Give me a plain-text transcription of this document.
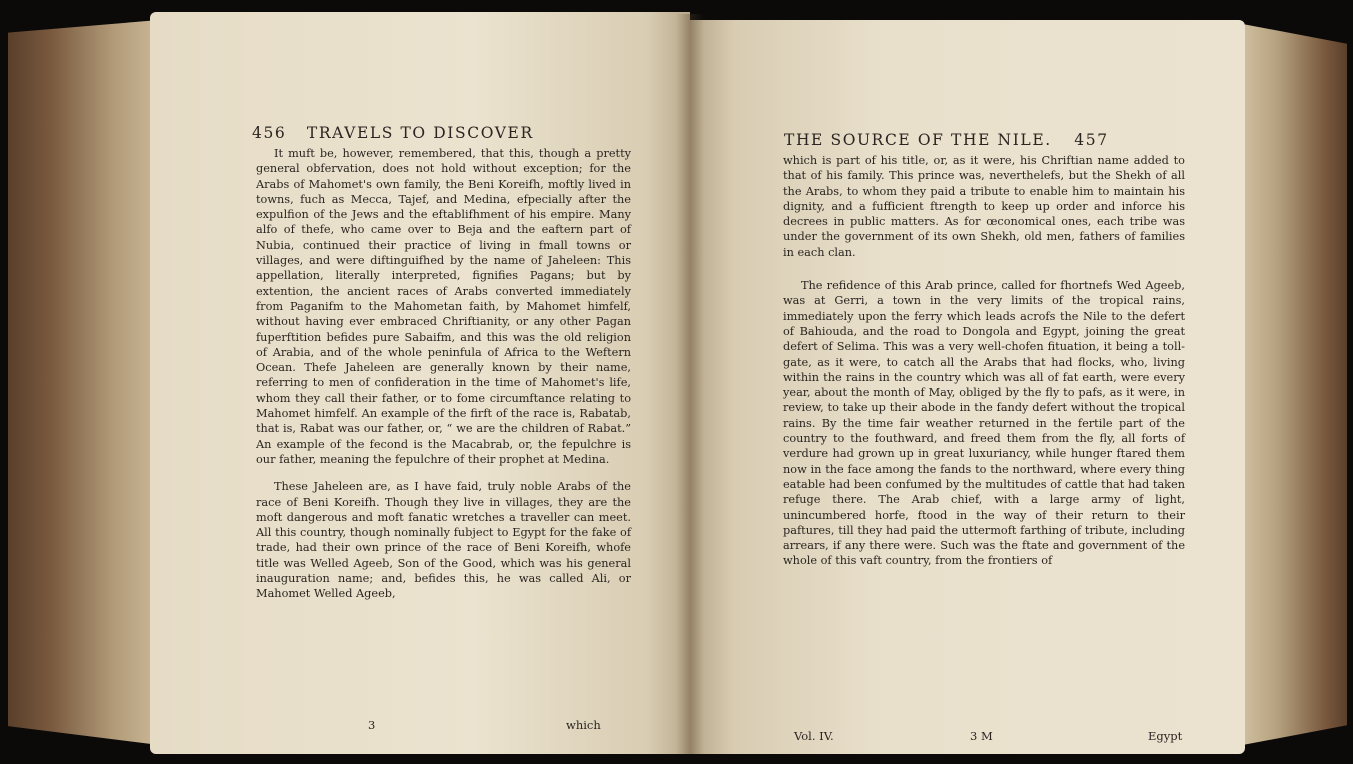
456 TRAVELS TO DISCOVER

It muft be, however, remembered, that this, though a pretty general obfervation, does not hold without exception; for the Arabs of Mahomet's own family, the Beni Koreifh, moftly lived in towns, fuch as Mecca, Tajef, and Medina, efpecially after the expulfion of the Jews and the eftablifhment of his empire. Many alfo of thefe, who came over to Beja and the eaftern part of Nubia, continued their practice of living in fmall towns or villages, and were diftinguifhed by the name of Jaheleen: This appellation, literally interpreted, fignifies Pagans; but by extention, the ancient races of Arabs converted immediately from Paganifm to the Mahometan faith, by Mahomet himfelf, without having ever embraced Chriftianity, or any other Pagan fuperftition befides pure Sabaifm, and this was the old religion of Arabia, and of the whole peninfula of Africa to the Weftern Ocean. Thefe Jaheleen are generally known by their name, referring to men of confideration in the time of Mahomet's life, whom they call their father, or to fome circumftance relating to Mahomet himfelf. An example of the firft of the race is, Rabatab, that is, Rabat was our father, or, “ we are the children of Rabat.” An example of the fecond is the Macabrab, or, the fepulchre is our father, meaning the fepulchre of their prophet at Medina.

These Jaheleen are, as I have faid, truly noble Arabs of the race of Beni Koreifh. Though they live in villages, they are the moft dangerous and moft fanatic wretches a traveller can meet. All this country, though nominally fubject to Egypt for the fake of trade, had their own prince of the race of Beni Koreifh, whofe title was Welled Ageeb, Son of the Good, which was his general inauguration name; and, befides this, he was called Ali, or Mahomet Welled Ageeb,

3	which
THE SOURCE OF THE NILE. 457

which is part of his title, or, as it were, his Chriftian name added to that of his family. This prince was, neverthelefs, but the Shekh of all the Arabs, to whom they paid a tribute to enable him to maintain his dignity, and a fufficient ftrength to keep up order and inforce his decrees in public matters. As for œconomical ones, each tribe was under the government of its own Shekh, old men, fathers of families in each clan.

The refidence of this Arab prince, called for fhortnefs Wed Ageeb, was at Gerri, a town in the very limits of the tropical rains, immediately upon the ferry which leads acrofs the Nile to the defert of Bahiouda, and the road to Dongola and Egypt, joining the great defert of Selima. This was a very well-chofen fituation, it being a toll-gate, as it were, to catch all the Arabs that had flocks, who, living within the rains in the country which was all of fat earth, were every year, about the month of May, obliged by the fly to pafs, as it were, in review, to take up their abode in the fandy defert without the tropical rains. By the time fair weather returned in the fertile part of the country to the fouthward, and freed them from the fly, all forts of verdure had grown up in great luxuriancy, while hunger ftared them now in the face among the fands to the northward, where every thing eatable had been confumed by the multitudes of cattle that had taken refuge there. The Arab chief, with a large army of light, unincumbered horfe, ftood in the way of their return to their paftures, till they had paid the uttermoft farthing of tribute, including arrears, if any there were. Such was the ftate and government of the whole of this vaft country, from the frontiers of

Vol. IV.	3 M	Egypt
